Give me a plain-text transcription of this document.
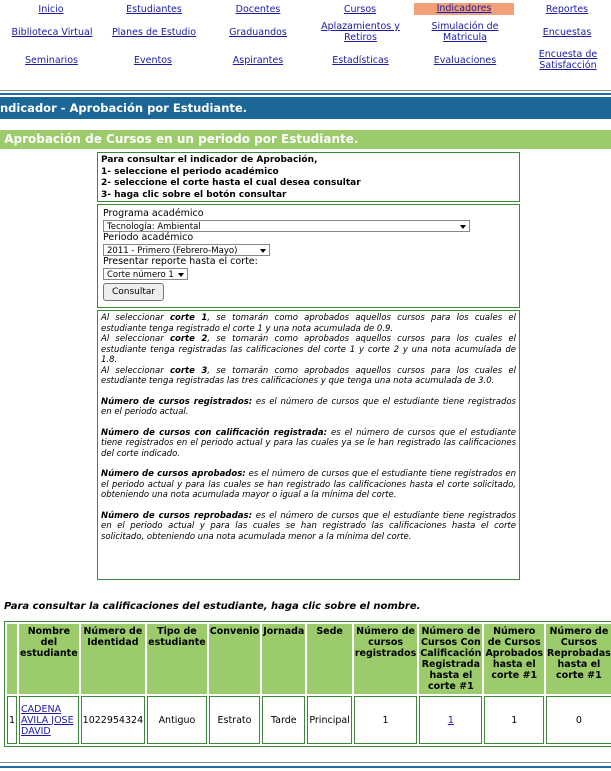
Inicio	Estudiantes	Docentes	Cursos	Indicadores	Reportes
Biblioteca Virtual	Planes de Estudio	Graduandos
Aplazamientos y Retiros
Simulación de Matricula	Encuestas
Seminarios	Eventos	Aspirantes	Estadísticas	Evaluaciones
Encuesta de Satisfacción
ndicador - Aprobación por Estudiante.
Aprobación de Cursos en un periodo por Estudiante.
Para consultar el indicador de Aprobación,
1- seleccione el periodo académico
2- seleccione el corte hasta el cual desea consultar
3- haga clic sobre el botón consultar
Programa académico
Tecnología: Ambiental
Periodo académico
2011 - Primero (Febrero-Mayo)
Presentar reporte hasta el corte:
Corte número 1
Consultar

Al seleccionar corte 1, se tomarán como aprobados aquellos cursos para los cuales el estudiante tenga registrado el corte 1 y una nota acumulada de 0.9.

Al seleccionar corte 2, se tomarán como aprobados aquellos cursos para los cuales el estudiante tenga registradas las calificaciones del corte 1 y corte 2 y una nota acumulada de 1.8.

Al seleccionar corte 3, se tomarán como aprobados aquellos cursos para los cuales el estudiante tenga registradas las tres calificaciones y que tenga una nota acumulada de 3.0.

Número de cursos registrados: es el número de cursos que el estudiante tiene registrados en el periodo actual.

Número de cursos con calificación registrada: es el número de cursos que el estudiante tiene registrados en el periodo actual y para las cuales ya se le han registrado las calificaciones del corte indicado.

Número de cursos aprobados: es el número de cursos que el estudiante tiene registrados en el periodo actual y para las cuales se han registrado las calificaciones hasta el corte solicitado, obteniendo una nota acumulada mayor o igual a la mínima del corte.

Número de cursos reprobadas: es el número de cursos que el estudiante tiene registrados en el periodo actual y para las cuales se han registrado las calificaciones hasta el corte solicitado, obteniendo una nota acumulada menor a la mínima del corte.

Para consultar la calificaciones del estudiante, haga clic sobre el nombre.
	Nombre del estudiante	Número de Identidad	Tipo de estudiante	Convenio	Jornada	Sede	Número de cursos registrados	Número de Cursos Con Calificación Registrada hasta el corte #1	Número de Cursos Aprobados hasta el corte #1	Número de Cursos Reprobadas hasta el corte #1
1	CADENA AVILA JOSE DAVID	1022954324	Antiguo	Estrato	Tarde	Principal	1	1	1	0
